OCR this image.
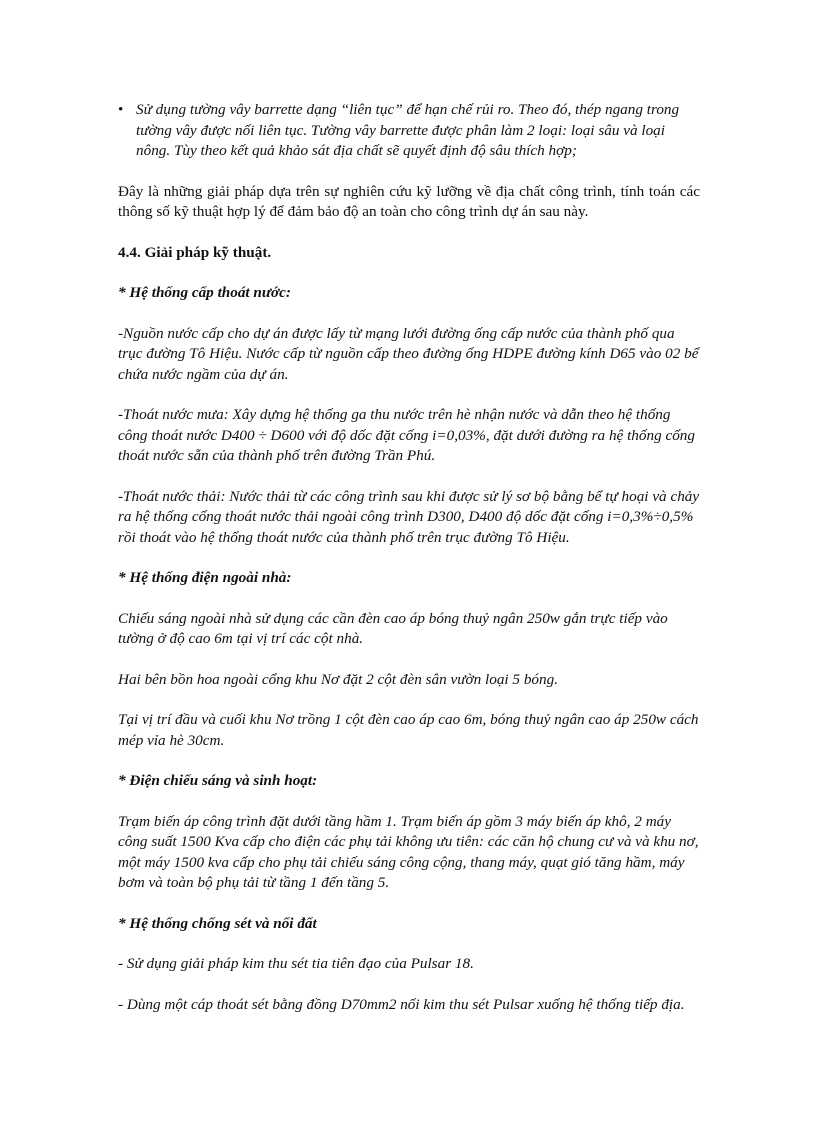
• Sử dụng tường vây barrette dạng “liên tục” để hạn chế rủi ro. Theo đó, thép ngang trong tường vây được nối liên tục. Tường vây barrette được phân làm 2 loại: loại sâu và loại nông. Tùy theo kết quả khảo sát địa chất sẽ quyết định độ sâu thích hợp;

Đây là những giải pháp dựa trên sự nghiên cứu kỹ lưỡng về địa chất công trình, tính toán các thông số kỹ thuật hợp lý để đảm bảo độ an toàn cho công trình dự án sau này.

4.4. Giải pháp kỹ thuật.

* Hệ thống cấp thoát nước:

-Nguồn nước cấp cho dự án được lấy từ mạng lưới đường ống cấp nước của thành phố qua trục đường Tô Hiệu. Nước cấp từ nguồn cấp theo đường ống HDPE đường kính D65 vào 02 bể chứa nước ngầm của dự án.

-Thoát nước mưa: Xây dựng hệ thống ga thu nước trên hè nhận nước và dẫn theo hệ thống công thoát nước D400 ÷ D600 với độ dốc đặt cống i=0,03%, đặt dưới đường ra hệ thống cống thoát nước sẵn của thành phố trên đường Trần Phú.

-Thoát nước thải: Nước thải từ các công trình sau khi được sử lý sơ bộ bằng bể tự hoại và chảy ra hệ thống cống thoát nước thải ngoài công trình D300, D400 độ dốc đặt cống i=0,3%÷0,5% rồi thoát vào hệ thống thoát nước của thành phố trên trục đường Tô Hiệu.

* Hệ thống điện ngoài nhà:

Chiếu sáng ngoài nhà sử dụng các cần đèn cao áp bóng thuỷ ngân 250w gắn trực tiếp vào tường ở độ cao 6m tại vị trí các cột nhà.

Hai bên bồn hoa ngoài cổng khu Nơ đặt 2 cột đèn sân vườn loại 5 bóng.

Tại vị trí đầu và cuối khu Nơ trồng 1 cột đèn cao áp cao 6m, bóng thuỷ ngân cao áp 250w cách mép vỉa hè 30cm.

* Điện chiếu sáng và sinh hoạt:

Trạm biến áp công trình đặt dưới tầng hầm 1. Trạm biến áp gồm 3 máy biến áp khô, 2 máy công suất 1500 Kva cấp cho điện các phụ tải không ưu tiên: các căn hộ chung cư và và khu nơ, một máy 1500 kva cấp cho phụ tải chiếu sáng công cộng, thang máy, quạt gió tăng hầm, máy bơm và toàn bộ phụ tải từ tầng 1 đến tầng 5.

* Hệ thống chống sét và nối đất

- Sử dụng giải pháp kim thu sét tia tiên đạo của Pulsar 18.

- Dùng một cáp thoát sét bằng đồng D70mm2 nối kim thu sét Pulsar xuống hệ thống tiếp địa.
